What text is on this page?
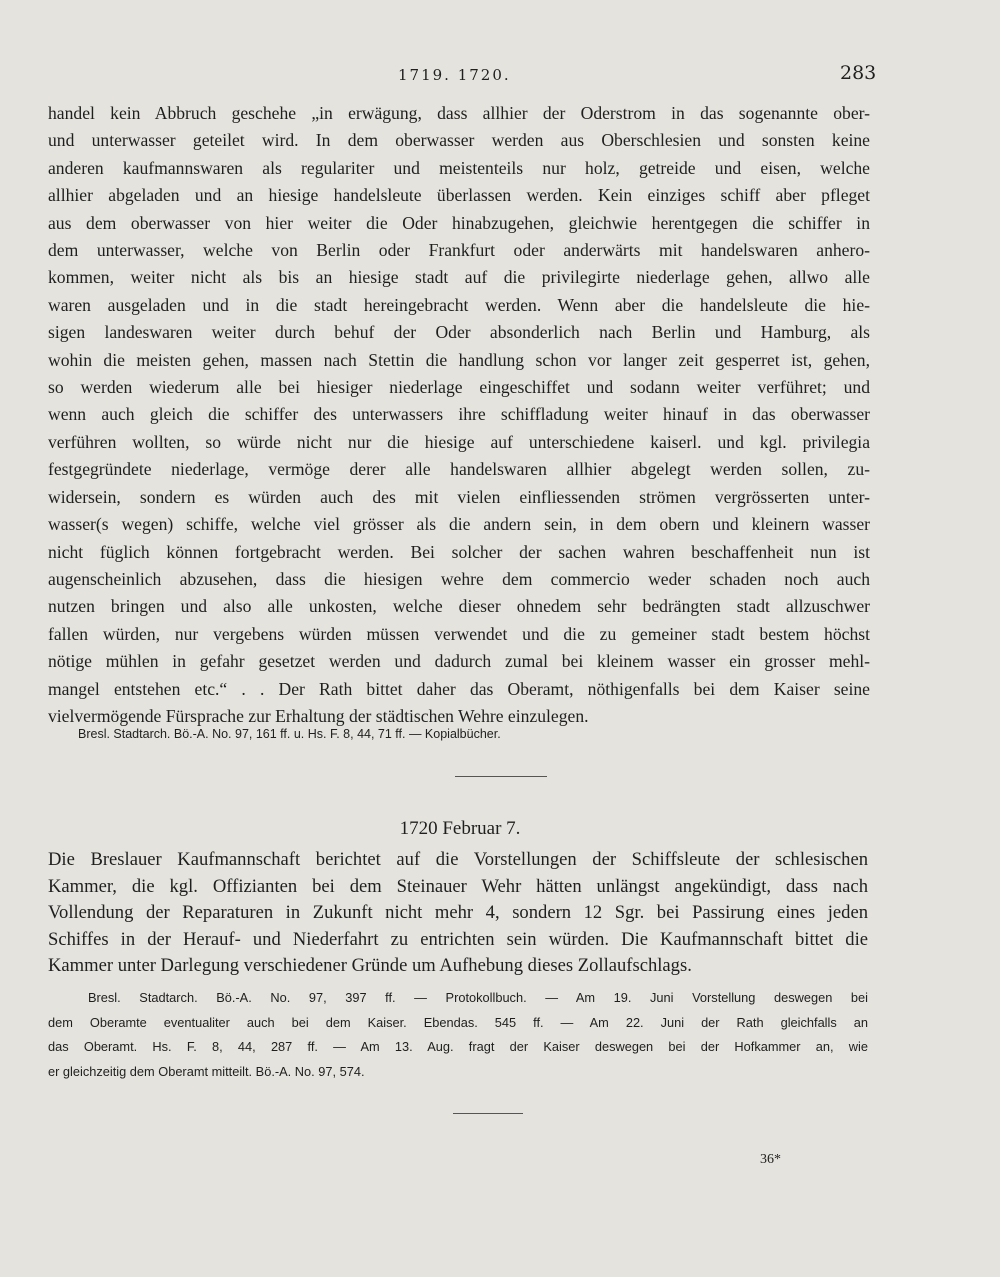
1719. 1720.	283
handel kein Abbruch geschehe „in erwägung, dass allhier der Oderstrom in das sogenannte ober-
und unterwasser geteilet wird. In dem oberwasser werden aus Oberschlesien und sonsten keine
anderen kaufmannswaren als regulariter und meistenteils nur holz, getreide und eisen, welche
allhier abgeladen und an hiesige handelsleute überlassen werden. Kein einziges schiff aber pfleget
aus dem oberwasser von hier weiter die Oder hinabzugehen, gleichwie herentgegen die schiffer in
dem unterwasser, welche von Berlin oder Frankfurt oder anderwärts mit handelswaren anhero-
kommen, weiter nicht als bis an hiesige stadt auf die privilegirte niederlage gehen, allwo alle
waren ausgeladen und in die stadt hereingebracht werden. Wenn aber die handelsleute die hie-
sigen landeswaren weiter durch behuf der Oder absonderlich nach Berlin und Hamburg, als
wohin die meisten gehen, massen nach Stettin die handlung schon vor langer zeit gesperret ist, gehen,
so werden wiederum alle bei hiesiger niederlage eingeschiffet und sodann weiter verführet; und
wenn auch gleich die schiffer des unterwassers ihre schiffladung weiter hinauf in das oberwasser
verführen wollten, so würde nicht nur die hiesige auf unterschiedene kaiserl. und kgl. privilegia
festgegründete niederlage, vermöge derer alle handelswaren allhier abgelegt werden sollen, zu-
widersein, sondern es würden auch des mit vielen einfliessenden strömen vergrösserten unter-
wasser(s wegen) schiffe, welche viel grösser als die andern sein, in dem obern und kleinern wasser
nicht füglich können fortgebracht werden. Bei solcher der sachen wahren beschaffenheit nun ist
augenscheinlich abzusehen, dass die hiesigen wehre dem commercio weder schaden noch auch
nutzen bringen und also alle unkosten, welche dieser ohnedem sehr bedrängten stadt allzuschwer
fallen würden, nur vergebens würden müssen verwendet und die zu gemeiner stadt bestem höchst
nötige mühlen in gefahr gesetzet werden und dadurch zumal bei kleinem wasser ein grosser mehl-
mangel entstehen etc.“ . . Der Rath bittet daher das Oberamt, nöthigenfalls bei dem Kaiser seine
vielvermögende Fürsprache zur Erhaltung der städtischen Wehre einzulegen.
Bresl. Stadtarch. Bö.-A. No. 97, 161 ff. u. Hs. F. 8, 44, 71 ff. — Kopialbücher.
1720 Februar 7.
Die Breslauer Kaufmannschaft berichtet auf die Vorstellungen der Schiffsleute der schlesischen
Kammer, die kgl. Offizianten bei dem Steinauer Wehr hätten unlängst angekündigt, dass nach
Vollendung der Reparaturen in Zukunft nicht mehr 4, sondern 12 Sgr. bei Passirung eines jeden
Schiffes in der Herauf- und Niederfahrt zu entrichten sein würden. Die Kaufmannschaft bittet die
Kammer unter Darlegung verschiedener Gründe um Aufhebung dieses Zollaufschlags.
Bresl. Stadtarch. Bö.-A. No. 97, 397 ff. — Protokollbuch. — Am 19. Juni Vorstellung deswegen bei
dem Oberamte eventualiter auch bei dem Kaiser. Ebendas. 545 ff. — Am 22. Juni der Rath gleichfalls an
das Oberamt. Hs. F. 8, 44, 287 ff. — Am 13. Aug. fragt der Kaiser deswegen bei der Hofkammer an, wie
er gleichzeitig dem Oberamt mitteilt. Bö.-A. No. 97, 574.
36*
